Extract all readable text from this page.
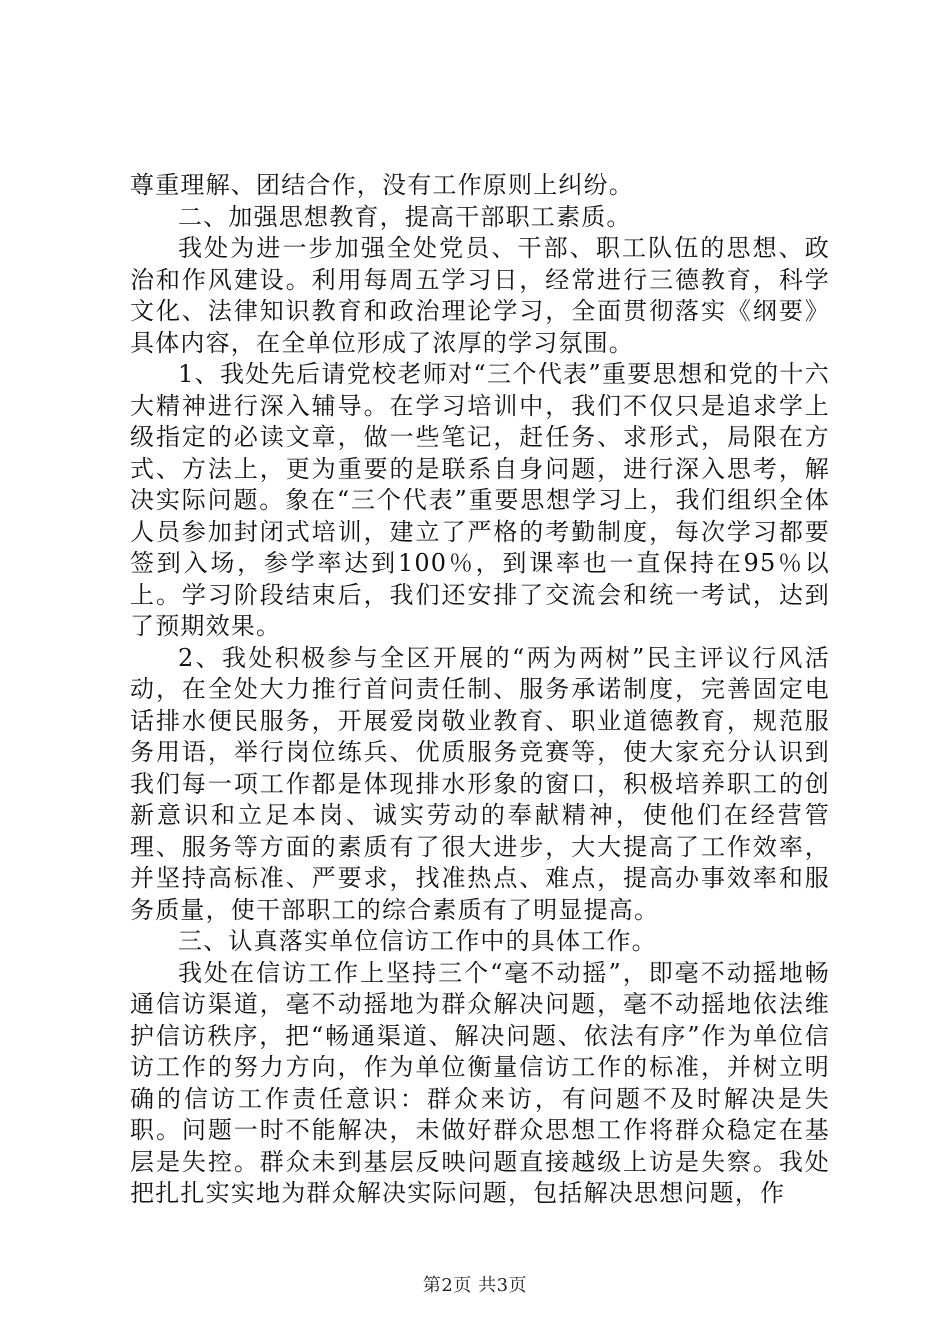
尊重理解、团结合作，没有工作原则上纠纷。

二、加强思想教育，提高干部职工素质。

我处为进一步加强全处党员、干部、职工队伍的思想、政治和作风建设。利用每周五学习日，经常进行三德教育，科学文化、法律知识教育和政治理论学习，全面贯彻落实《纲要》具体内容，在全单位形成了浓厚的学习氛围。

1、我处先后请党校老师对“三个代表”重要思想和党的十六大精神进行深入辅导。在学习培训中，我们不仅只是追求学上级指定的必读文章，做一些笔记，赶任务、求形式，局限在方式、方法上，更为重要的是联系自身问题，进行深入思考，解决实际问题。象在“三个代表”重要思想学习上，我们组织全体人员参加封闭式培训，建立了严格的考勤制度，每次学习都要签到入场，参学率达到100％，到课率也一直保持在95％以上。学习阶段结束后，我们还安排了交流会和统一考试，达到了预期效果。

2、我处积极参与全区开展的“两为两树”民主评议行风活动，在全处大力推行首问责任制、服务承诺制度，完善固定电话排水便民服务，开展爱岗敬业教育、职业道德教育，规范服务用语，举行岗位练兵、优质服务竞赛等，使大家充分认识到我们每一项工作都是体现排水形象的窗口，积极培养职工的创新意识和立足本岗、诚实劳动的奉献精神，使他们在经营管理、服务等方面的素质有了很大进步，大大提高了工作效率，并坚持高标准、严要求，找准热点、难点，提高办事效率和服务质量，使干部职工的综合素质有了明显提高。

三、认真落实单位信访工作中的具体工作。

我处在信访工作上坚持三个“毫不动摇”，即毫不动摇地畅通信访渠道，毫不动摇地为群众解决问题，毫不动摇地依法维护信访秩序，把“畅通渠道、解决问题、依法有序”作为单位信访工作的努力方向，作为单位衡量信访工作的标准，并树立明确的信访工作责任意识：群众来访，有问题不及时解决是失职。问题一时不能解决，未做好群众思想工作将群众稳定在基层是失控。群众未到基层反映问题直接越级上访是失察。我处把扎扎实实地为群众解决实际问题，包括解决思想问题，作

第2页 共3页
